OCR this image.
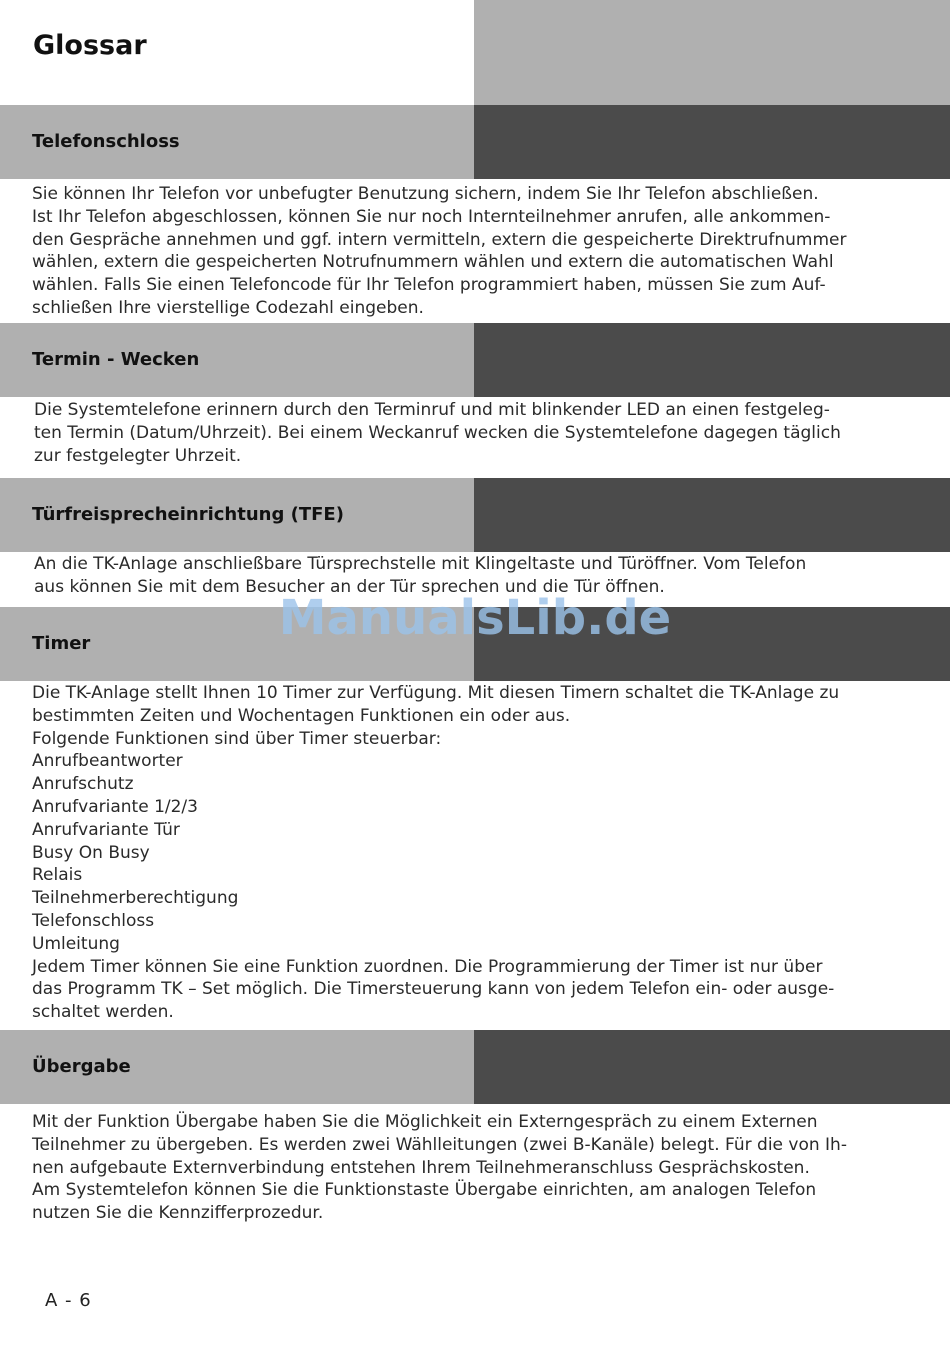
Glossar
Telefonschloss

Sie können Ihr Telefon vor unbefugter Benutzung sichern, indem Sie Ihr Telefon abschließen.
Ist Ihr Telefon abgeschlossen, können Sie nur noch Internteilnehmer anrufen, alle ankommen-
den Gespräche annehmen und ggf. intern vermitteln, extern die gespeicherte Direktrufnummer
wählen, extern die gespeicherten Notrufnummern wählen und extern die automatischen Wahl
wählen. Falls Sie einen Telefoncode für Ihr Telefon programmiert haben, müssen Sie zum Auf-
schließen Ihre vierstellige Codezahl eingeben.

Termin - Wecken

Die Systemtelefone erinnern durch den Terminruf und mit blinkender LED an einen festgeleg-
ten Termin (Datum/Uhrzeit). Bei einem Weckanruf wecken die Systemtelefone dagegen täglich
zur festgelegter Uhrzeit.

Türfreisprecheinrichtung (TFE)

An die TK-Anlage anschließbare Türsprechstelle mit Klingeltaste und Türöffner. Vom Telefon
aus können Sie mit dem Besucher an der Tür sprechen und die Tür öffnen.

Timer

Die TK-Anlage stellt Ihnen 10 Timer zur Verfügung. Mit diesen Timern schaltet die TK-Anlage zu
bestimmten Zeiten und Wochentagen Funktionen ein oder aus.
Folgende Funktionen sind über Timer steuerbar:
Anrufbeantworter
Anrufschutz
Anrufvariante 1/2/3
Anrufvariante Tür
Busy On Busy
Relais
Teilnehmerberechtigung
Telefonschloss
Umleitung
Jedem Timer können Sie eine Funktion zuordnen. Die Programmierung der Timer ist nur über
das Programm TK – Set möglich. Die Timersteuerung kann von jedem Telefon ein- oder ausge-
schaltet werden.

Übergabe

Mit der Funktion Übergabe haben Sie die Möglichkeit ein Externgespräch zu einem Externen
Teilnehmer zu übergeben. Es werden zwei Wählleitungen (zwei B-Kanäle) belegt. Für die von Ih-
nen aufgebaute Externverbindung entstehen Ihrem Teilnehmeranschluss Gesprächskosten.
Am Systemtelefon können Sie die Funktionstaste Übergabe einrichten, am analogen Telefon
nutzen Sie die Kennzifferprozedur.

ManualsLib.de
A - 6
